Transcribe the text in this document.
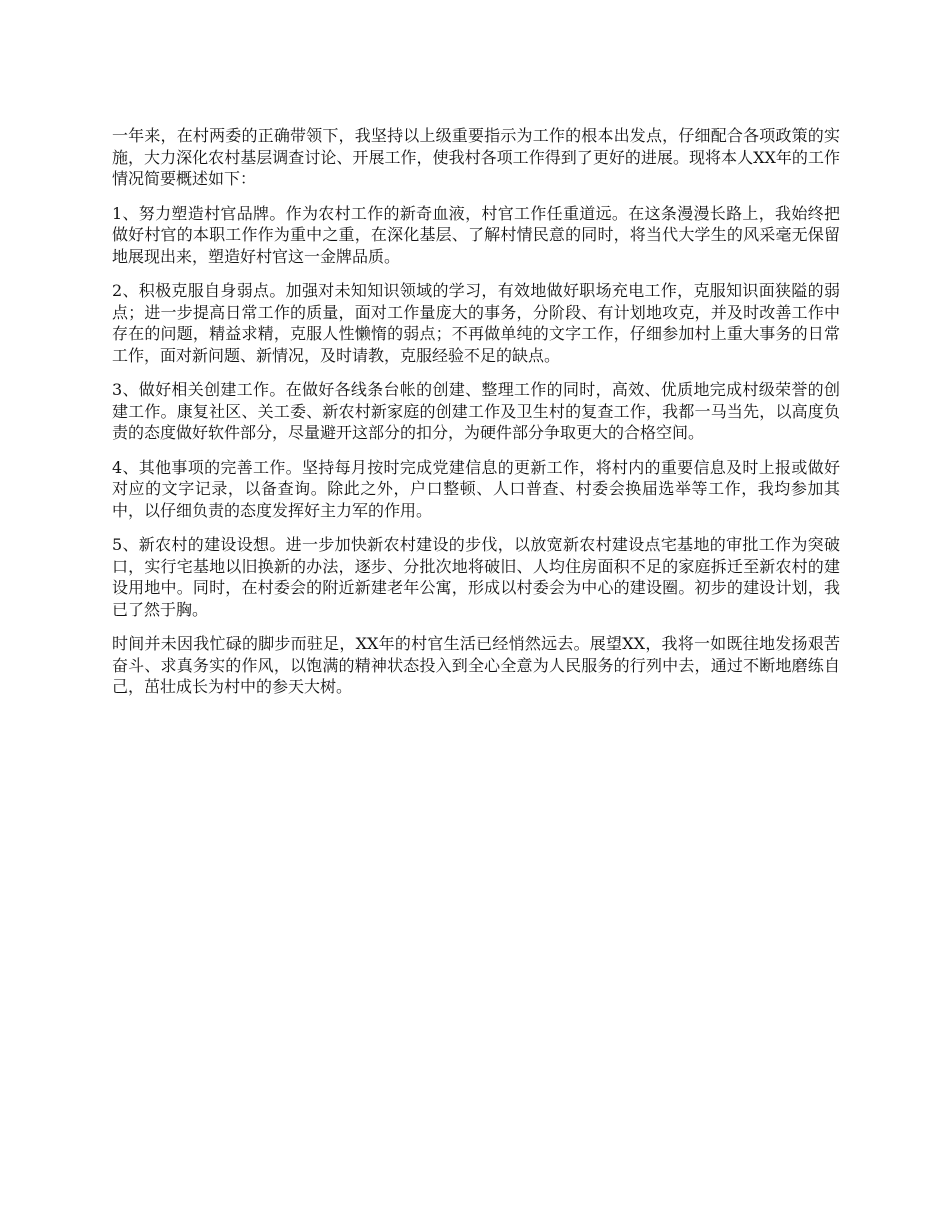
一年来，在村两委的正确带领下，我坚持以上级重要指示为工作的根本出发点，仔细配合各项政策的实施，大力深化农村基层调查讨论、开展工作，使我村各项工作得到了更好的进展。现将本人XX年的工作情况简要概述如下：

1、努力塑造村官品牌。作为农村工作的新奇血液，村官工作任重道远。在这条漫漫长路上，我始终把做好村官的本职工作作为重中之重，在深化基层、了解村情民意的同时，将当代大学生的风采毫无保留地展现出来，塑造好村官这一金牌品质。

2、积极克服自身弱点。加强对未知知识领域的学习，有效地做好职场充电工作，克服知识面狭隘的弱点；进一步提高日常工作的质量，面对工作量庞大的事务，分阶段、有计划地攻克，并及时改善工作中存在的问题，精益求精，克服人性懒惰的弱点；不再做单纯的文字工作，仔细参加村上重大事务的日常工作，面对新问题、新情况，及时请教，克服经验不足的缺点。

3、做好相关创建工作。在做好各线条台帐的创建、整理工作的同时，高效、优质地完成村级荣誉的创建工作。康复社区、关工委、新农村新家庭的创建工作及卫生村的复查工作，我都一马当先，以高度负责的态度做好软件部分，尽量避开这部分的扣分，为硬件部分争取更大的合格空间。

4、其他事项的完善工作。坚持每月按时完成党建信息的更新工作，将村内的重要信息及时上报或做好对应的文字记录，以备查询。除此之外，户口整顿、人口普查、村委会换届选举等工作，我均参加其中，以仔细负责的态度发挥好主力军的作用。

5、新农村的建设设想。进一步加快新农村建设的步伐，以放宽新农村建设点宅基地的审批工作为突破口，实行宅基地以旧换新的办法，逐步、分批次地将破旧、人均住房面积不足的家庭拆迁至新农村的建设用地中。同时，在村委会的附近新建老年公寓，形成以村委会为中心的建设圈。初步的建设计划，我已了然于胸。

时间并未因我忙碌的脚步而驻足，XX年的村官生活已经悄然远去。展望XX，我将一如既往地发扬艰苦奋斗、求真务实的作风，以饱满的精神状态投入到全心全意为人民服务的行列中去，通过不断地磨练自己，茁壮成长为村中的参天大树。
